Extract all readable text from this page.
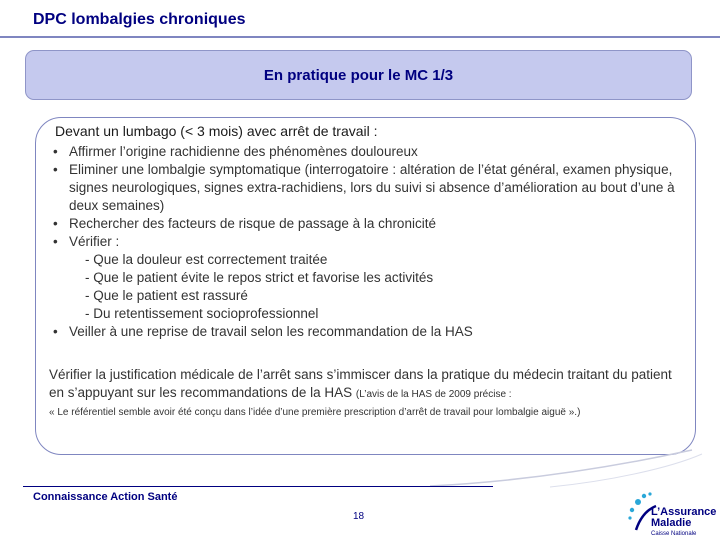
DPC lombalgies chroniques
En pratique pour le MC 1/3
Devant un lumbago (< 3 mois) avec arrêt de travail :
• Affirmer l’origine rachidienne des phénomènes douloureux
• Eliminer une lombalgie symptomatique (interrogatoire : altération de l’état général, examen physique, signes neurologiques, signes extra-rachidiens, lors du suivi si absence d’amélioration au bout d’une à deux semaines)
• Rechercher des facteurs de risque de passage à la chronicité
• Vérifier :
- Que la douleur est correctement traitée
- Que le patient évite le repos strict et favorise les activités
- Que le patient est rassuré
- Du retentissement socioprofessionnel
• Veiller à une reprise de travail selon les recommandation de la HAS
Vérifier la justification médicale de l’arrêt sans s’immiscer dans la pratique du médecin traitant du patient en s’appuyant sur les recommandations de la HAS (L’avis de la HAS de 2009 précise :
« Le référentiel semble avoir été conçu dans l’idée d’une première prescription d’arrêt de travail pour lombalgie aiguë ».)
Connaissance Action Santé
18	L’Assurance
Maladie
Caisse Nationale
